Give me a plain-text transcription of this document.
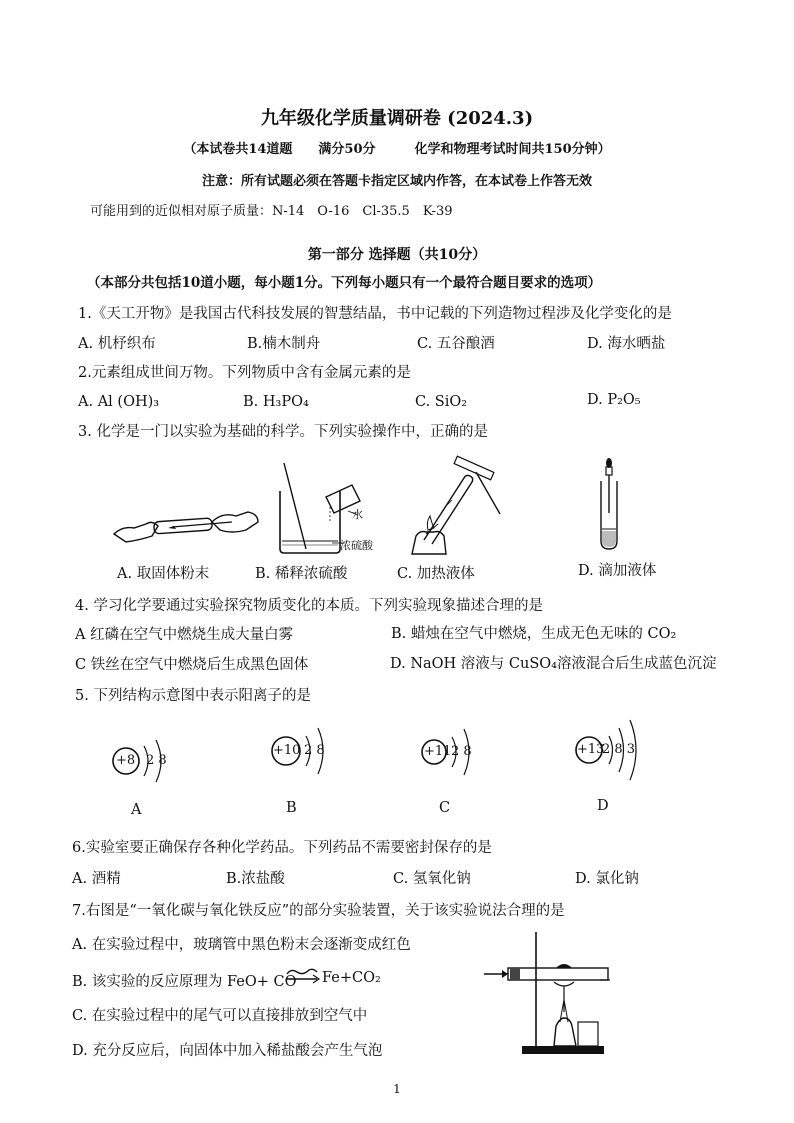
九年级化学质量调研卷 (2024.3)
（本试卷共14道题　　满分50分　　　化学和物理考试时间共150分钟）
注意：所有试题必须在答题卡指定区域内作答，在本试卷上作答无效
可能用到的近似相对原子质量：N-14　O-16　Cl-35.5　K-39
第一部分 选择题（共10分）
（本部分共包括10道小题，每小题1分。下列每小题只有一个最符合题目要求的选项）
1.《天工开物》是我国古代科技发展的智慧结晶，书中记载的下列造物过程涉及化学变化的是
A. 机杼织布	B.楠木制舟	C. 五谷酿酒	D. 海水晒盐
2.元素组成世间万物。下列物质中含有金属元素的是
A. Al (OH)₃	B. H₃PO₄	C. SiO₂	D. P₂O₅
3. 化学是一门以实验为基础的科学。下列实验操作中，正确的是
水
浓硫酸
A. 取固体粉末	B. 稀释浓硫酸	C. 加热液体	D. 滴加液体
4. 学习化学要通过实验探究物质变化的本质。下列实验现象描述合理的是
A 红磷在空气中燃烧生成大量白雾	B. 蜡烛在空气中燃烧，生成无色无味的 CO₂
C 铁丝在空气中燃烧后生成黑色固体	D. NaOH 溶液与 CuSO₄溶液混合后生成蓝色沉淀
5. 下列结构示意图中表示阳离子的是
+8 2 8
A
+10 2 8
B
+11 2 8
C
+13
2 8 3
D
6.实验室要正确保存各种化学药品。下列药品不需要密封保存的是
A. 酒精	B.浓盐酸	C. 氢氧化钠	D. 氯化钠
7.右图是“一氧化碳与氧化铁反应”的部分实验装置，关于该实验说法合理的是
A. 在实验过程中，玻璃管中黑色粉末会逐渐变成红色
B. 该实验的反应原理为 FeO+ CO Fe+CO₂
C. 在实验过程中的尾气可以直接排放到空气中
D. 充分反应后，向固体中加入稀盐酸会产生气泡
1
